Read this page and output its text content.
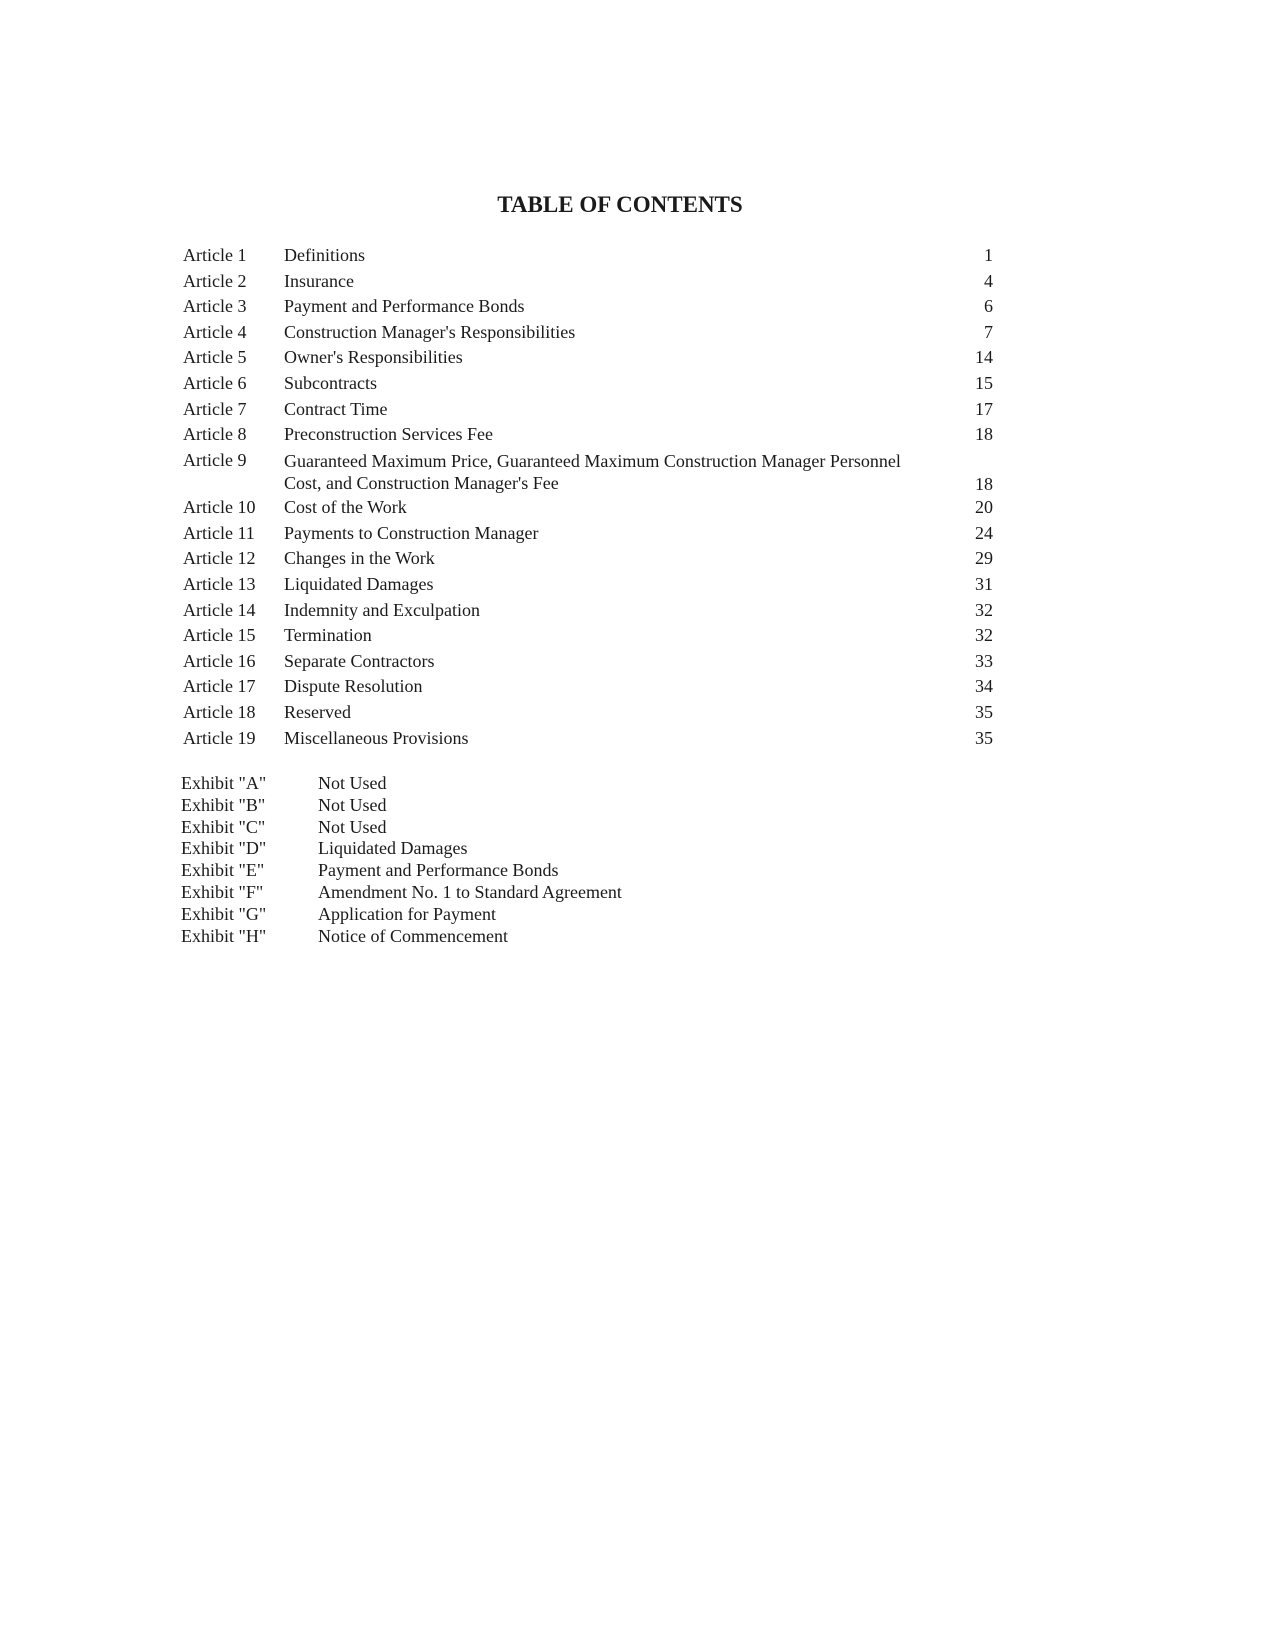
TABLE OF CONTENTS
Article 1	Definitions	1
Article 2	Insurance	4
Article 3	Payment and Performance Bonds	6
Article 4	Construction Manager's Responsibilities	7
Article 5	Owner's Responsibilities	14
Article 6	Subcontracts	15
Article 7	Contract Time	17
Article 8	Preconstruction Services Fee	18
Article 9	Guaranteed Maximum Price, Guaranteed Maximum Construction Manager Personnel Cost, and Construction Manager's Fee	18
Article 10	Cost of the Work	20
Article 11	Payments to Construction Manager	24
Article 12	Changes in the Work	29
Article 13	Liquidated Damages	31
Article 14	Indemnity and Exculpation	32
Article 15	Termination	32
Article 16	Separate Contractors	33
Article 17	Dispute Resolution	34
Article 18	Reserved	35
Article 19	Miscellaneous Provisions	35
Exhibit "A"	Not Used
Exhibit "B"	Not Used
Exhibit "C"	Not Used
Exhibit "D"	Liquidated Damages
Exhibit "E"	Payment and Performance Bonds
Exhibit "F"	Amendment No. 1 to Standard Agreement
Exhibit "G"	Application for Payment
Exhibit "H"	Notice of Commencement
